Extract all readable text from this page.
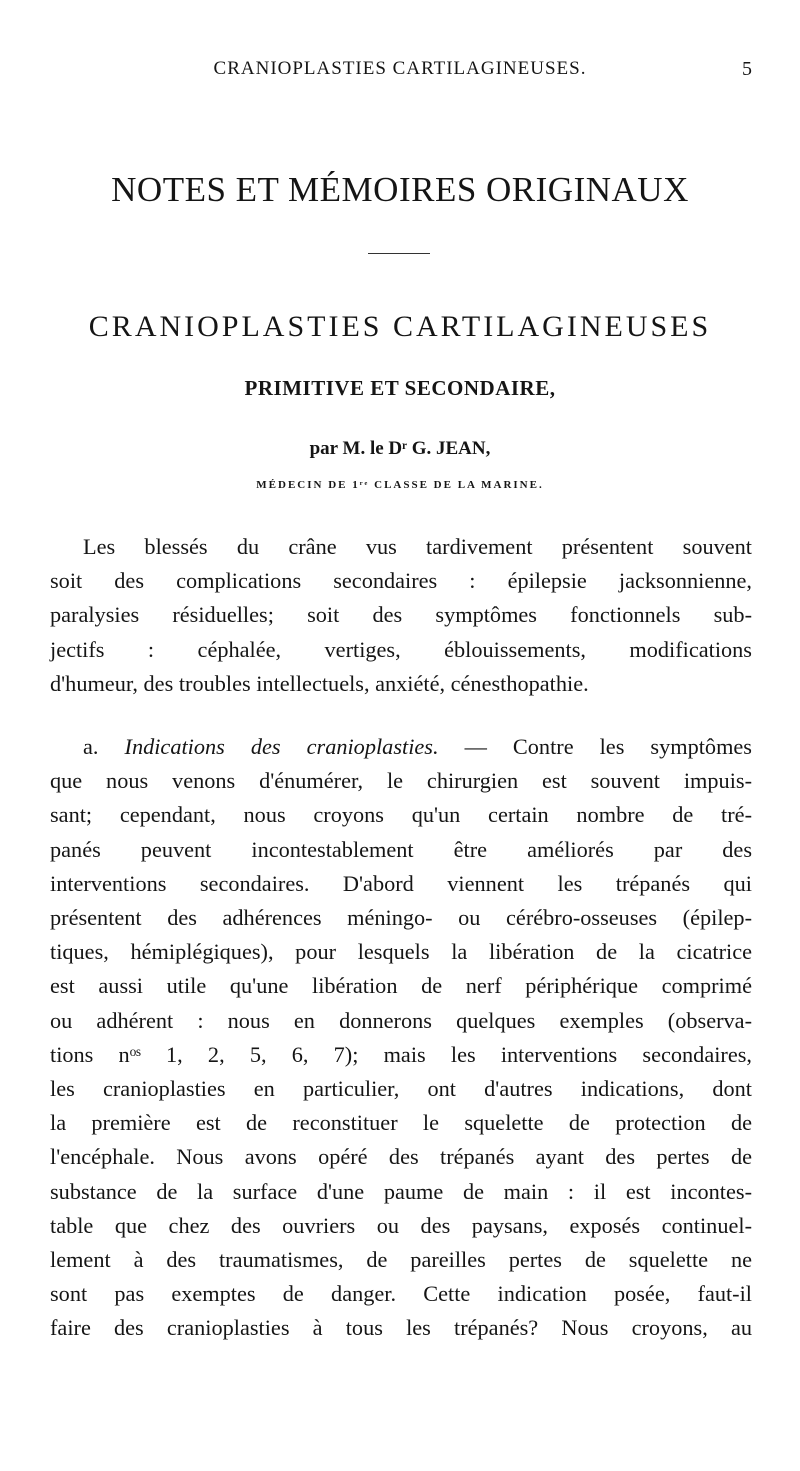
CRANIOPLASTIES CARTILAGINEUSES.	5
NOTES ET MÉMOIRES ORIGINAUX
CRANIOPLASTIES CARTILAGINEUSES
PRIMITIVE ET SECONDAIRE,
par M. le Dʳ G. JEAN,
MÉDECIN DE 1ʳᵉ CLASSE DE LA MARINE.
Les blessés du crâne vus tardivement présentent souvent
soit des complications secondaires : épilepsie jacksonnienne,
paralysies résiduelles; soit des symptômes fonctionnels sub-
jectifs : céphalée, vertiges, éblouissements, modifications
d'humeur, des troubles intellectuels, anxiété, cénesthopathie.
a. Indications des cranioplasties. — Contre les symptômes
que nous venons d'énumérer, le chirurgien est souvent impuis-
sant; cependant, nous croyons qu'un certain nombre de tré-
panés peuvent incontestablement être améliorés par des
interventions secondaires. D'abord viennent les trépanés qui
présentent des adhérences méningo- ou cérébro-osseuses (épilep-
tiques, hémiplégiques), pour lesquels la libération de la cicatrice
est aussi utile qu'une libération de nerf périphérique comprimé
ou adhérent : nous en donnerons quelques exemples (observa-
tions nᵒˢ 1, 2, 5, 6, 7); mais les interventions secondaires,
les cranioplasties en particulier, ont d'autres indications, dont
la première est de reconstituer le squelette de protection de
l'encéphale. Nous avons opéré des trépanés ayant des pertes de
substance de la surface d'une paume de main : il est incontes-
table que chez des ouvriers ou des paysans, exposés continuel-
lement à des traumatismes, de pareilles pertes de squelette ne
sont pas exemptes de danger. Cette indication posée, faut-il
faire des cranioplasties à tous les trépanés? Nous croyons, au
